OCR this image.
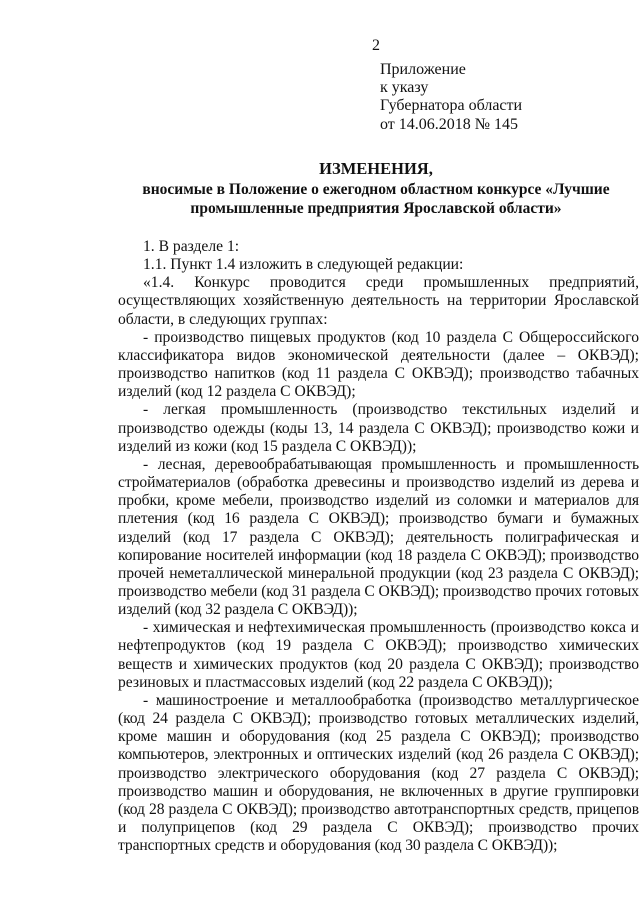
2
Приложение
к указу
Губернатора области
от 14.06.2018 № 145
ИЗМЕНЕНИЯ,
вносимые в Положение о ежегодном областном конкурсе «Лучшие промышленные предприятия Ярославской области»

1. В разделе 1:

1.1. Пункт 1.4 изложить в следующей редакции:

«1.4. Конкурс проводится среди промышленных предприятий, осуществляющих хозяйственную деятельность на территории Ярославской области, в следующих группах:

- производство пищевых продуктов (код 10 раздела С Общероссийского классификатора видов экономической деятельности (далее – ОКВЭД); производство напитков (код 11 раздела С ОКВЭД); производство табачных изделий (код 12 раздела С ОКВЭД);

- легкая промышленность (производство текстильных изделий и производство одежды (коды 13, 14 раздела С ОКВЭД); производство кожи и изделий из кожи (код 15 раздела С ОКВЭД));

- лесная, деревообрабатывающая промышленность и промышленность стройматериалов (обработка древесины и производство изделий из дерева и пробки, кроме мебели, производство изделий из соломки и материалов для плетения (код 16 раздела С ОКВЭД); производство бумаги и бумажных изделий (код 17 раздела С ОКВЭД); деятельность полиграфическая и копирование носителей информации (код 18 раздела С ОКВЭД); производство прочей неметаллической минеральной продукции (код 23 раздела С ОКВЭД); производство мебели (код 31 раздела С ОКВЭД); производство прочих готовых изделий (код 32 раздела С ОКВЭД));

- химическая и нефтехимическая промышленность (производство кокса и нефтепродуктов (код 19 раздела С ОКВЭД); производство химических веществ и химических продуктов (код 20 раздела С ОКВЭД); производство резиновых и пластмассовых изделий (код 22 раздела С ОКВЭД));

- машиностроение и металлообработка (производство металлургическое (код 24 раздела С ОКВЭД); производство готовых металлических изделий, кроме машин и оборудования (код 25 раздела С ОКВЭД); производство компьютеров, электронных и оптических изделий (код 26 раздела С ОКВЭД); производство электрического оборудования (код 27 раздела С ОКВЭД); производство машин и оборудования, не включенных в другие группировки (код 28 раздела С ОКВЭД); производство автотранспортных средств, прицепов и полуприцепов (код 29 раздела С ОКВЭД); производство прочих транспортных средств и оборудования (код 30 раздела С ОКВЭД));
